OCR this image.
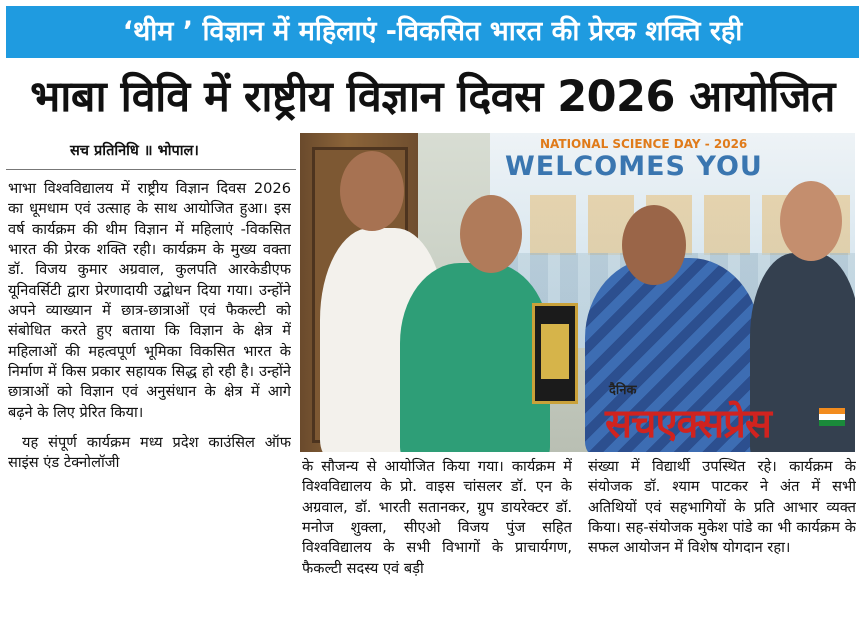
‘थीम ’ विज्ञान में महिलाएं -विकसित भारत की प्रेरक शक्ति रही
भाबा विवि में राष्ट्रीय विज्ञान दिवस 2026 आयोजित
सच प्रतिनिधि ॥ भोपाल।

भाभा विश्वविद्यालय में राष्ट्रीय विज्ञान दिवस 2026 का धूमधाम एवं उत्साह के साथ आयोजित हुआ। इस वर्ष कार्यक्रम की थीम विज्ञान में महिलाएं -विकसित भारत की प्रेरक शक्ति रही। कार्यक्रम के मुख्य वक्ता डॉ. विजय कुमार अग्रवाल, कुलपति आरकेडीएफ यूनिवर्सिटी द्वारा प्रेरणादायी उद्बोधन दिया गया। उन्होंने अपने व्याख्यान में छात्र-छात्राओं एवं फैकल्टी को संबोधित करते हुए बताया कि विज्ञान के क्षेत्र में महिलाओं की महत्वपूर्ण भूमिका विकसित भारत के निर्माण में किस प्रकार सहायक सिद्ध हो रही है। उन्होंने छात्राओं को विज्ञान एवं अनुसंधान के क्षेत्र में आगे बढ़ने के लिए प्रेरित किया।

यह संपूर्ण कार्यक्रम मध्य प्रदेश काउंसिल ऑफ साइंस एंड टेक्नोलॉजी

NATIONAL SCIENCE DAY - 2026
WELCOMES YOU
दैनिक
सचएक्सप्रेस

के सौजन्य से आयोजित किया गया। कार्यक्रम में विश्वविद्यालय के प्रो. वाइस चांसलर डॉ. एन के अग्रवाल, डॉ. भारती सतानकर, ग्रुप डायरेक्टर डॉ. मनोज शुक्ला, सीएओ विजय पुंज सहित विश्वविद्यालय के सभी विभागों के प्राचार्यगण, फैकल्टी सदस्य एवं बड़ी

संख्या में विद्यार्थी उपस्थित रहे। कार्यक्रम के संयोजक डॉ. श्याम पाटकर ने अंत में सभी अतिथियों एवं सहभागियों के प्रति आभार व्यक्त किया। सह-संयोजक मुकेश पांडे का भी कार्यक्रम के सफल आयोजन में विशेष योगदान रहा।
